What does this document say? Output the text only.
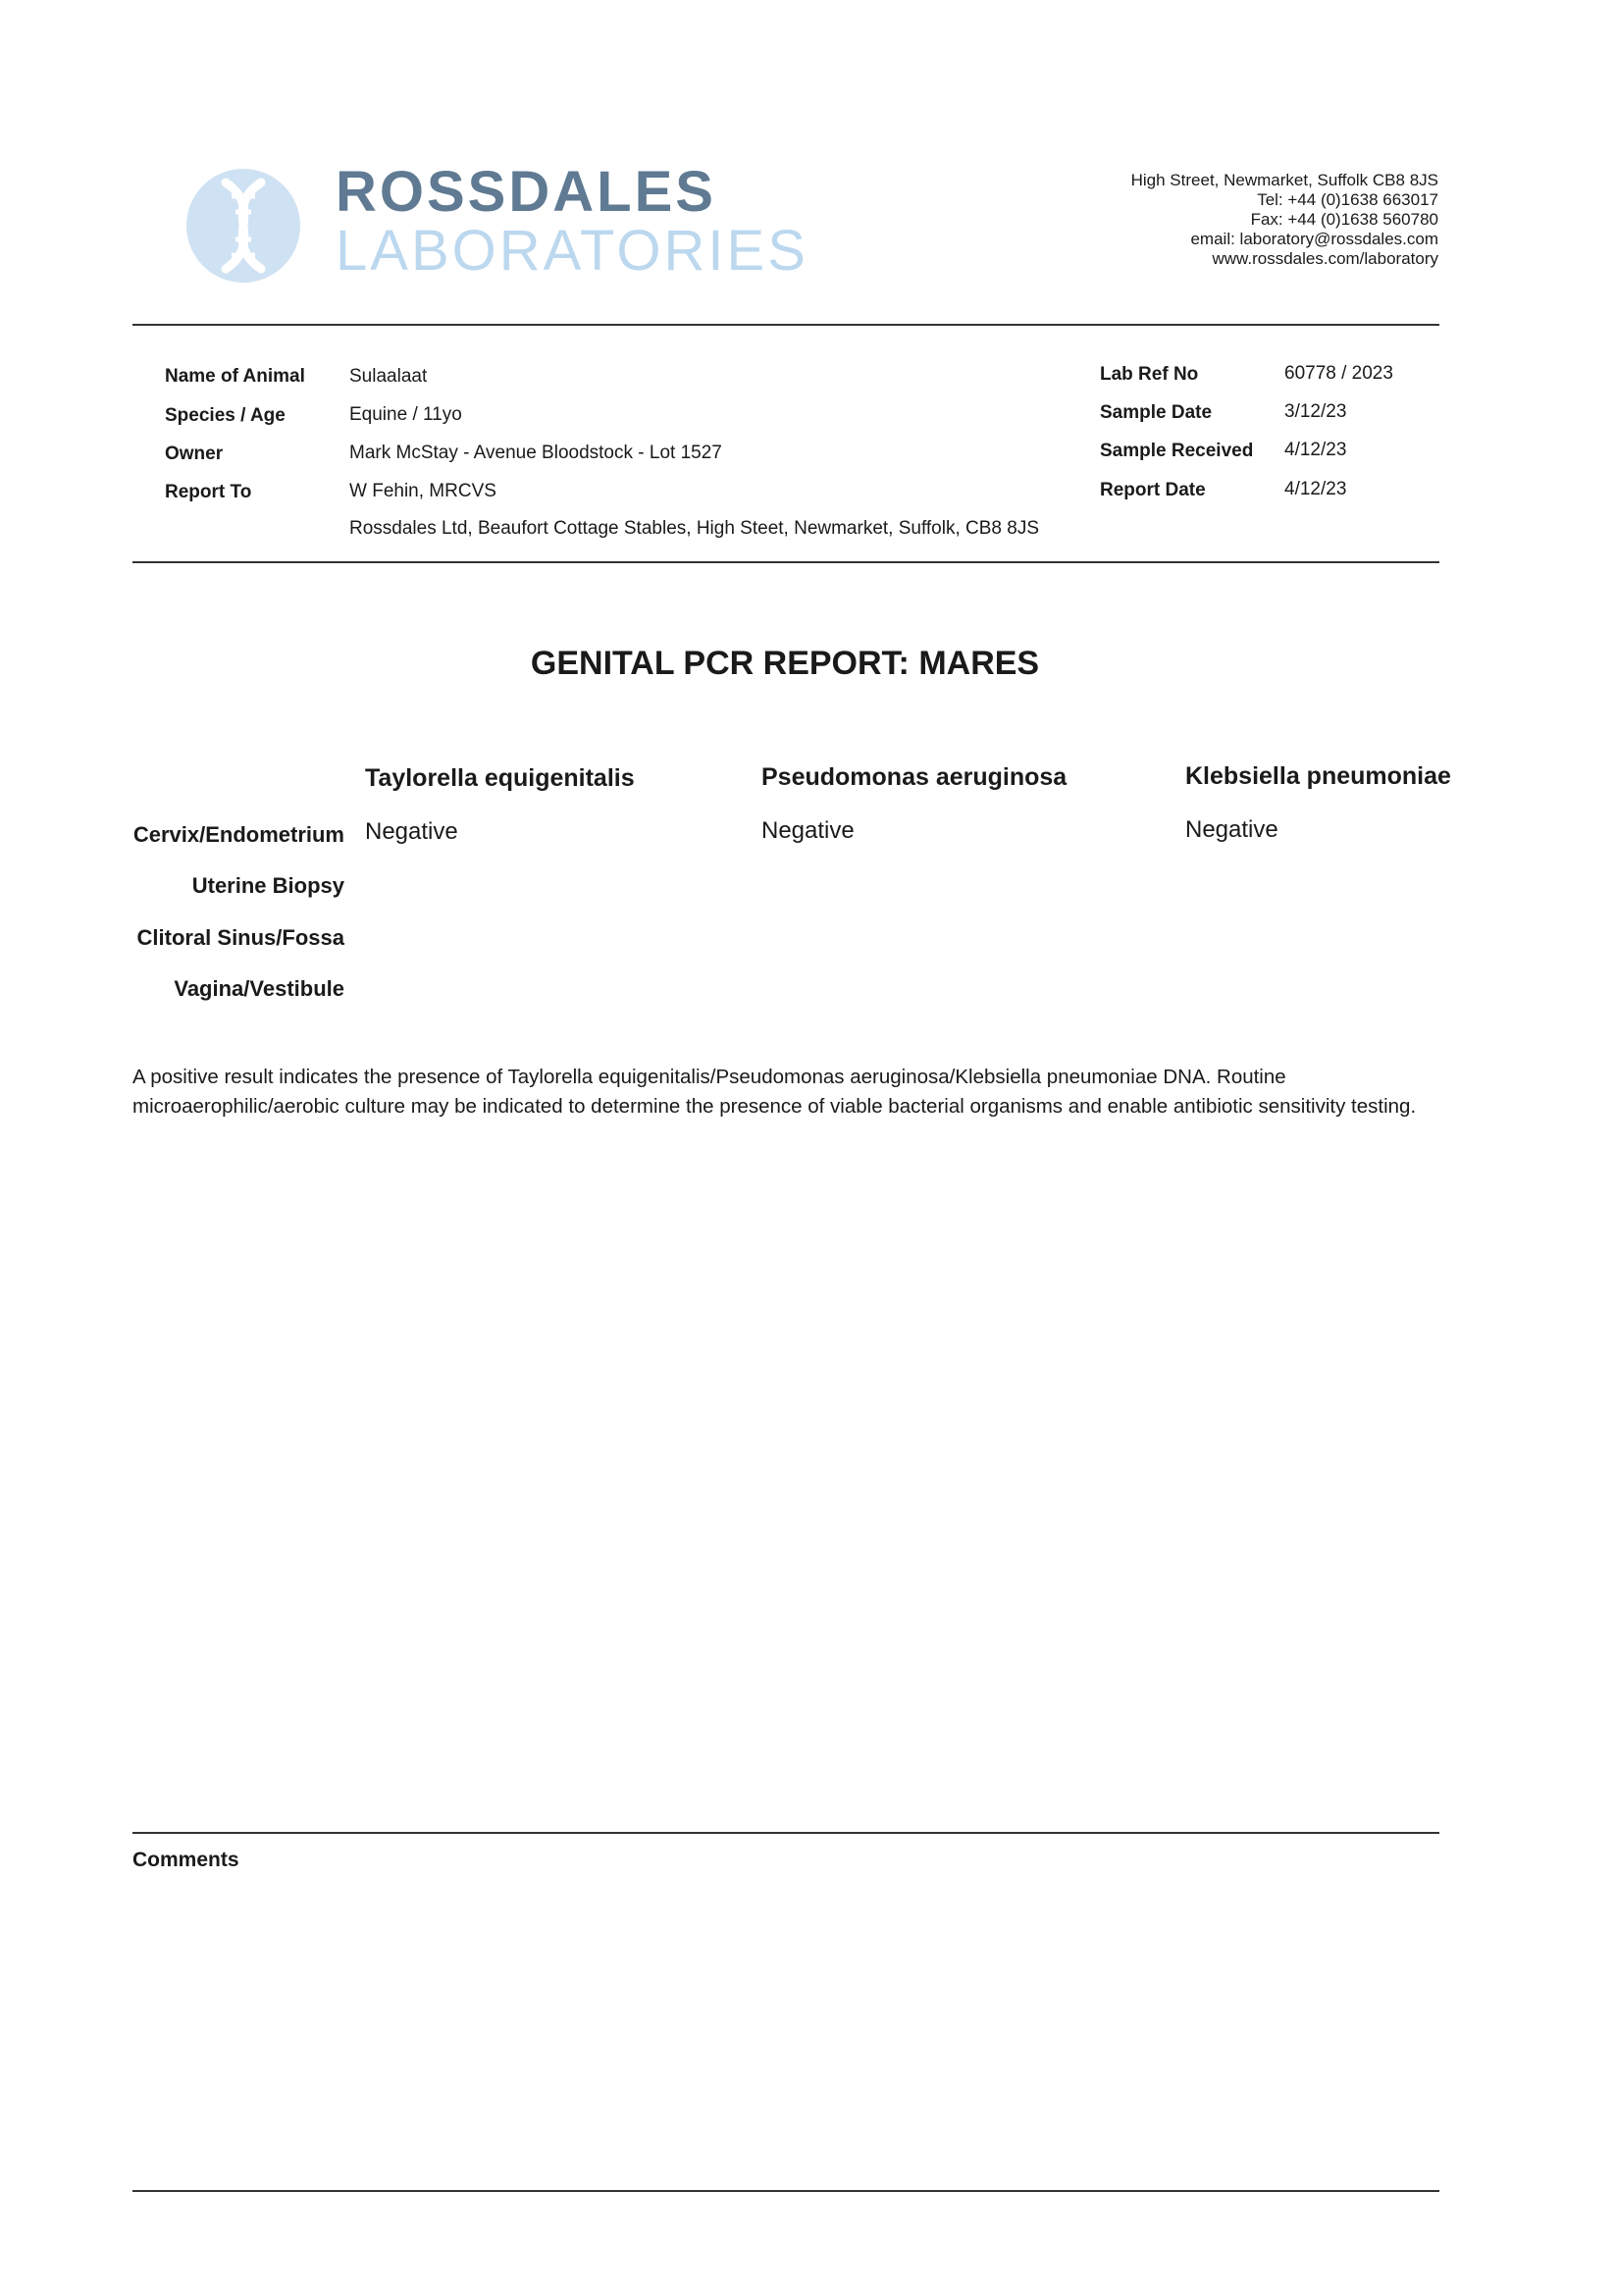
ROSSDALES
LABORATORIES
High Street, Newmarket, Suffolk CB8 8JS
Tel: +44 (0)1638 663017
Fax: +44 (0)1638 560780
email: laboratory@rossdales.com
www.rossdales.com/laboratory
Name of Animal Sulaalaat
Species / Age	Equine / 11yo
Owner	Mark McStay - Avenue Bloodstock - Lot 1527
Report To	W Fehin, MRCVS
Rossdales Ltd, Beaufort Cottage Stables, High Steet, Newmarket, Suffolk, CB8 8JS
Lab Ref No	60778 / 2023
Sample Date	3/12/23
Sample Received 4/12/23
Report Date	4/12/23
GENITAL PCR REPORT: MARES
Taylorella equigenitalis	Pseudomonas aeruginosa	Klebsiella pneumoniae
Cervix/Endometrium Negative	Negative	Negative
Uterine Biopsy
Clitoral Sinus/Fossa
Vagina/Vestibule
A positive result indicates the presence of Taylorella equigenitalis/Pseudomonas aeruginosa/Klebsiella pneumoniae DNA. Routine microaerophilic/aerobic culture may be indicated to determine the presence of viable bacterial organisms and enable antibiotic sensitivity testing.
Comments
